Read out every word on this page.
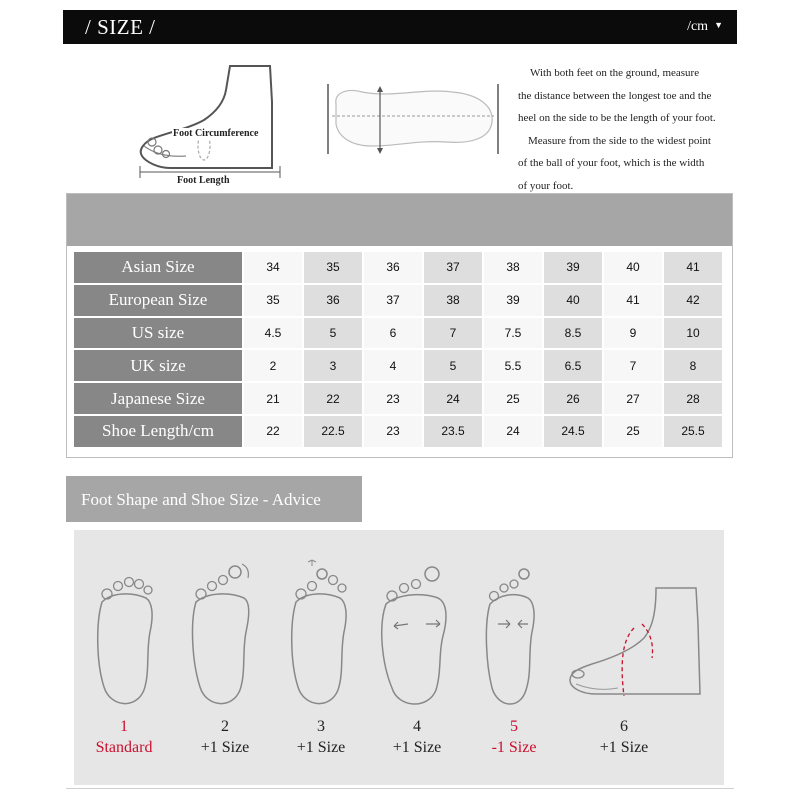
/ SIZE /	/cm ▼
Foot Circumference
Foot Length

With both feet on the ground, measure

the distance between the longest toe and the

heel on the side to be the length of your foot.

Measure from the side to the widest point

of the ball of your foot, which is the width

of your foot.

Asian Size	34	35	36	37	38	39	40	41
European Size	35	36	37	38	39	40	41	42
US size	4.5	5	6	7	7.5	8.5	9	10
UK size	2	3	4	5	5.5	6.5	7	8
Japanese Size	21	22	23	24	25	26	27	28
Shoe Length/cm	22	22.5	23	23.5	24	24.5	25	25.5
Foot Shape and Shoe Size - Advice
1
Standard
2
+1 Size
3
+1 Size
4
+1 Size
5
-1 Size
6
+1 Size
